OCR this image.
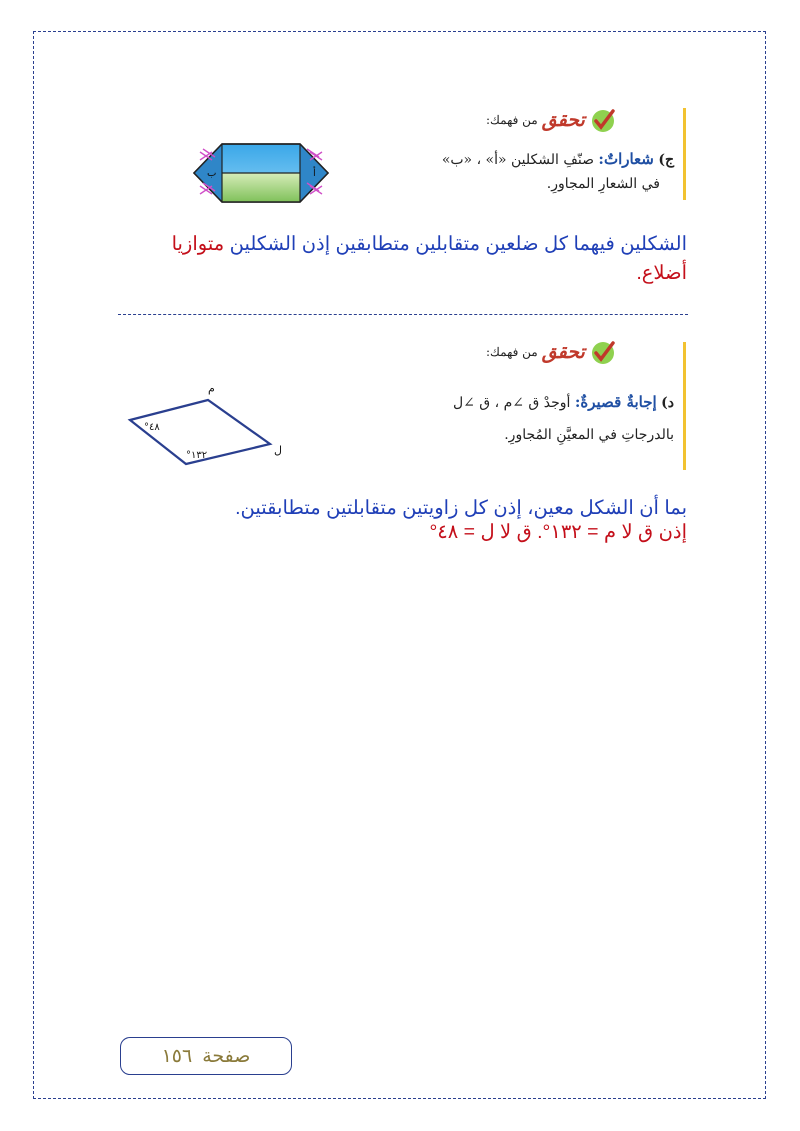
تحقق
من فهمك:
ج) شعاراتٌ: صنّفِ الشكلين «أ» ، «ب»
في الشعارِ المجاورِ.
ب	أ
الشكلين فيهما كل ضلعين متقابلين متطابقين إذن الشكلين متوازيا
أضلاع.
تحقق
من فهمك:
د) إجابةٌ قصيرةٌ: أوجدْ ق ∠م ، ق ∠ل
بالدرجاتِ في المعيَّنِ المُجاورِ.
م
ل
°٤٨
°١٣٢
بما أن الشكل معين، إذن كل زاويتين متقابلتين متطابقتين.
إذن ق لا م = ١٣٢°. ق لا ل = ٤٨°
صفحة
١٥٦
